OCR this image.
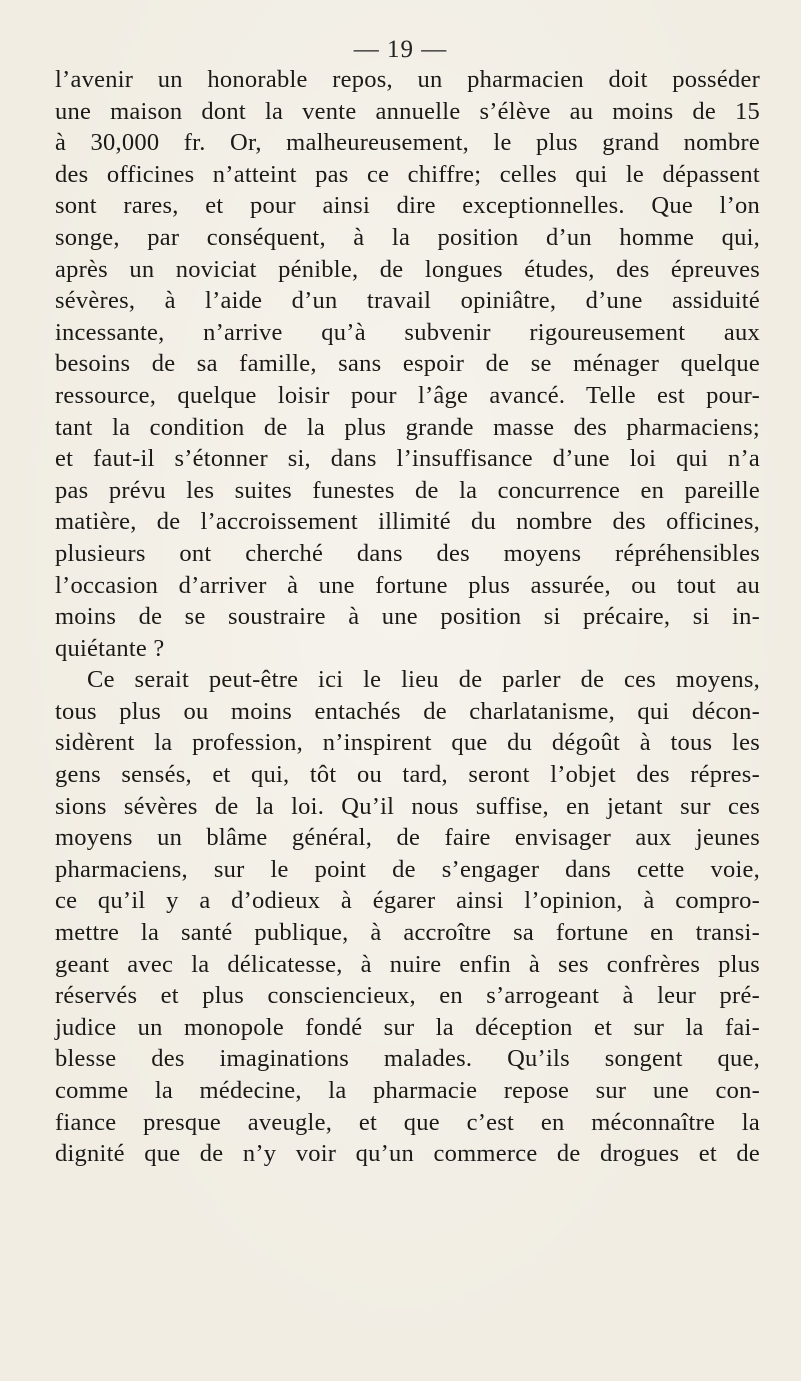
— 19 —
l’avenir un honorable repos, un pharmacien doit posséder
une maison dont la vente annuelle s’élève au moins de 15
à 30,000 fr. Or, malheureusement, le plus grand nombre
des officines n’atteint pas ce chiffre; celles qui le dépassent
sont rares, et pour ainsi dire exceptionnelles. Que l’on
songe, par conséquent, à la position d’un homme qui,
après un noviciat pénible, de longues études, des épreuves
sévères, à l’aide d’un travail opiniâtre, d’une assiduité
incessante, n’arrive qu’à subvenir rigoureusement aux
besoins de sa famille, sans espoir de se ménager quelque
ressource, quelque loisir pour l’âge avancé. Telle est pour-
tant la condition de la plus grande masse des pharmaciens;
et faut-il s’étonner si, dans l’insuffisance d’une loi qui n’a
pas prévu les suites funestes de la concurrence en pareille
matière, de l’accroissement illimité du nombre des officines,
plusieurs ont cherché dans des moyens répréhensibles
l’occasion d’arriver à une fortune plus assurée, ou tout au
moins de se soustraire à une position si précaire, si in-
quiétante ?
Ce serait peut-être ici le lieu de parler de ces moyens,
tous plus ou moins entachés de charlatanisme, qui décon-
sidèrent la profession, n’inspirent que du dégoût à tous les
gens sensés, et qui, tôt ou tard, seront l’objet des répres-
sions sévères de la loi. Qu’il nous suffise, en jetant sur ces
moyens un blâme général, de faire envisager aux jeunes
pharmaciens, sur le point de s’engager dans cette voie,
ce qu’il y a d’odieux à égarer ainsi l’opinion, à compro-
mettre la santé publique, à accroître sa fortune en transi-
geant avec la délicatesse, à nuire enfin à ses confrères plus
réservés et plus consciencieux, en s’arrogeant à leur pré-
judice un monopole fondé sur la déception et sur la fai-
blesse des imaginations malades. Qu’ils songent que,
comme la médecine, la pharmacie repose sur une con-
fiance presque aveugle, et que c’est en méconnaître la
dignité que de n’y voir qu’un commerce de drogues et de
